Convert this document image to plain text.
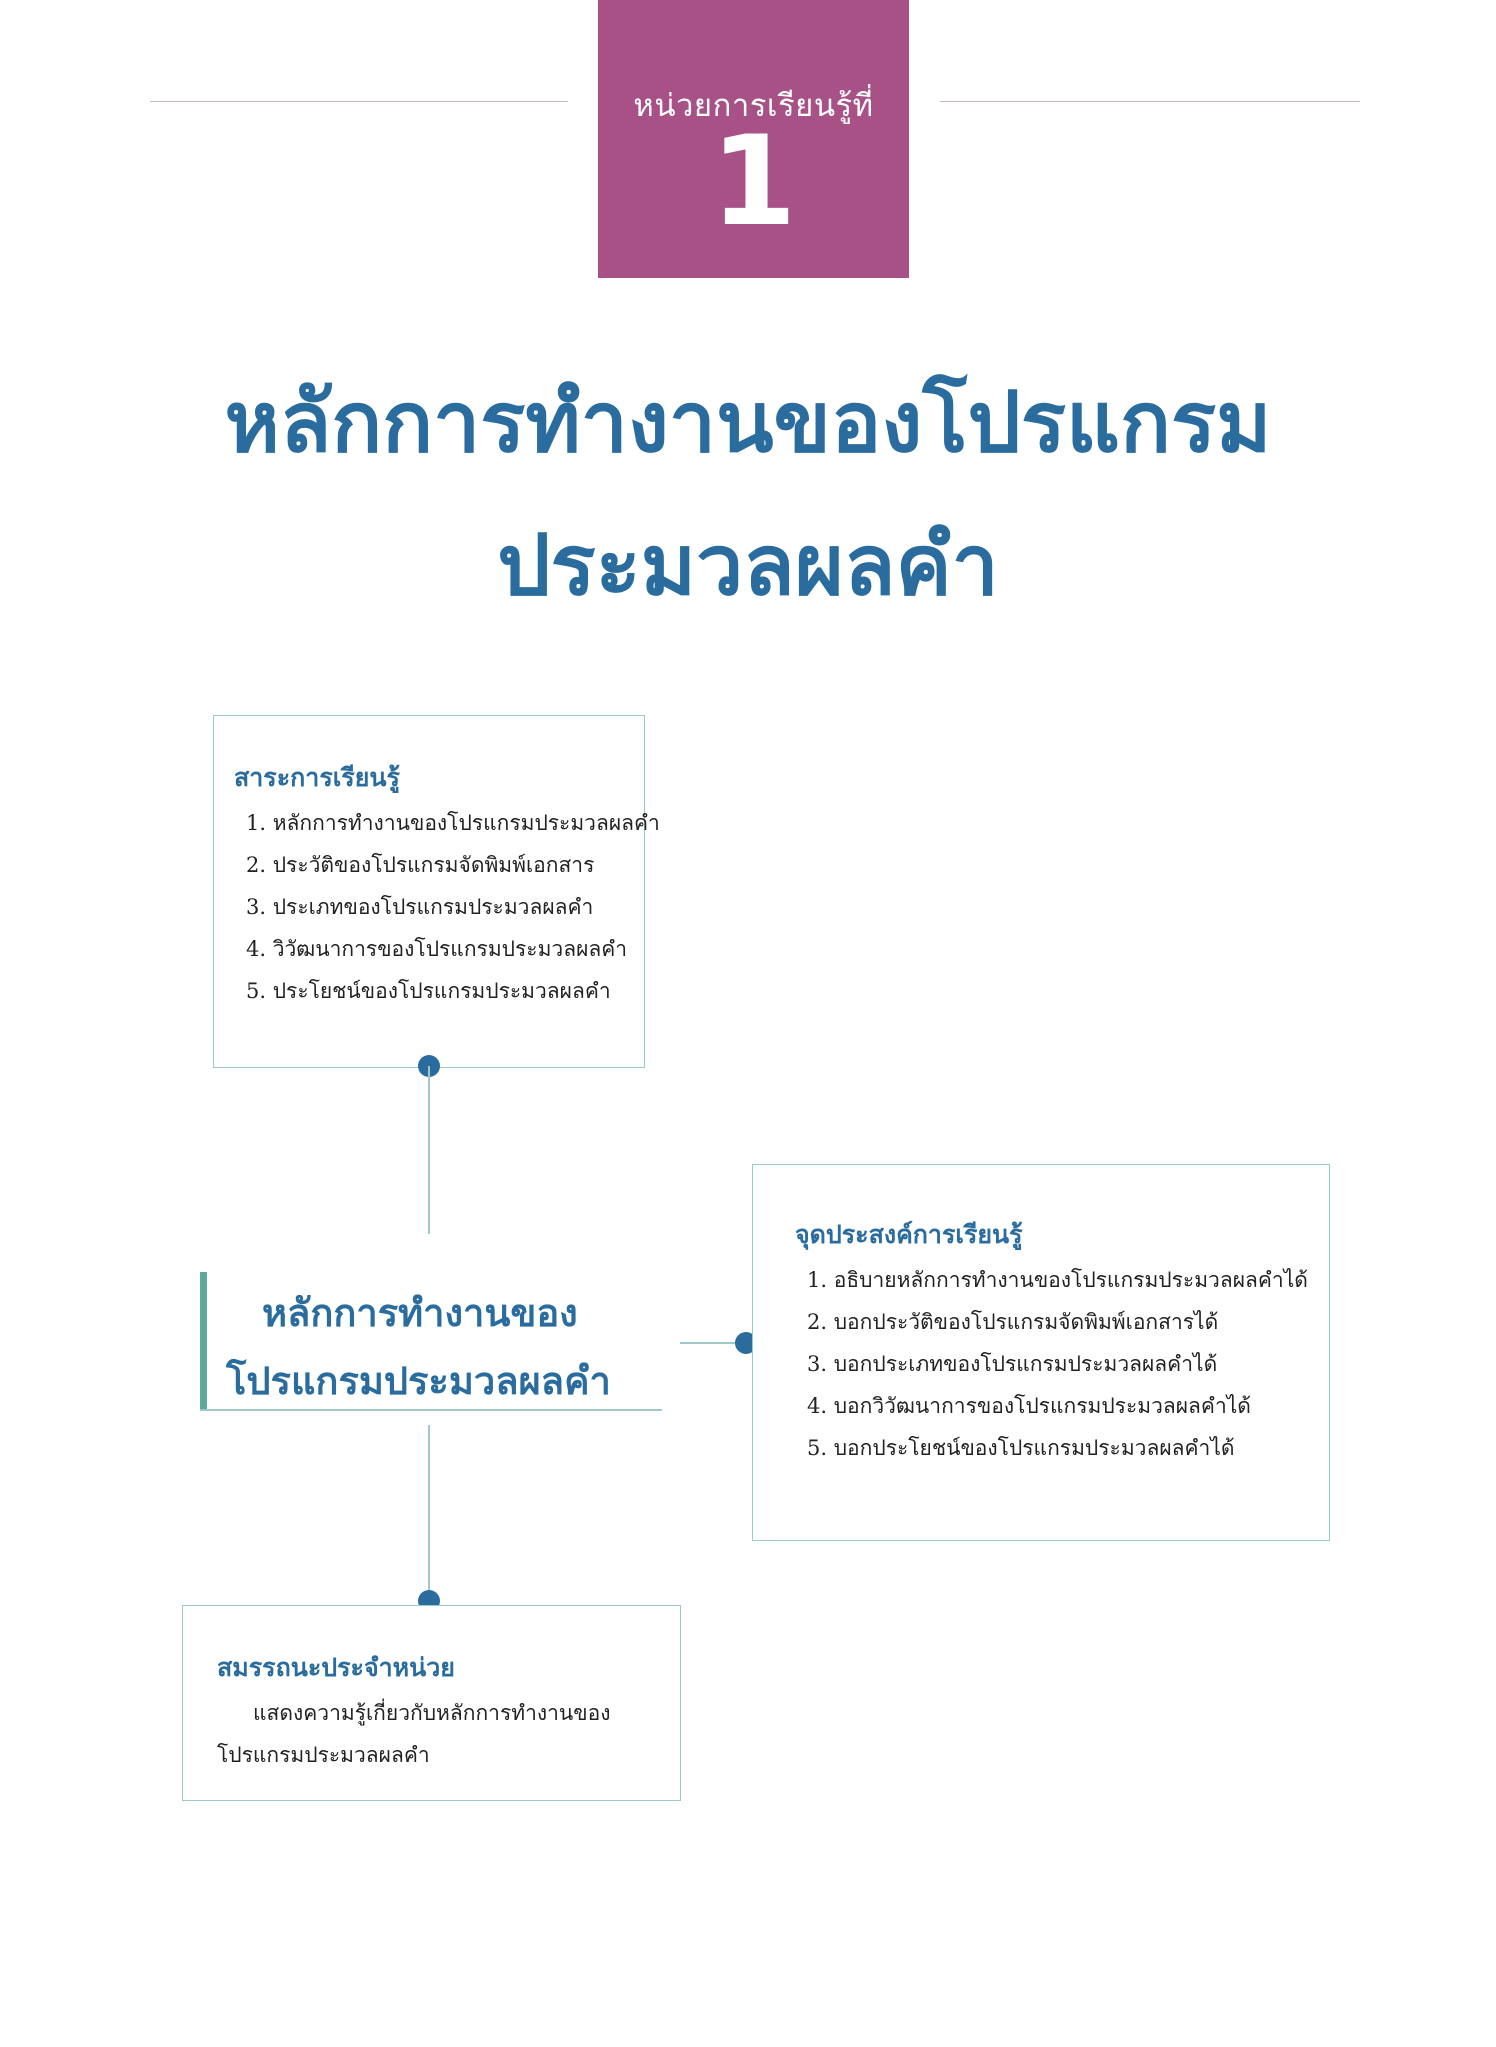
หน่วยการเรียนรู้ที่
1
หลักการทำงานของโปรแกรม
ประมวลผลคำ
สาระการเรียนรู้
1. หลักการทำงานของโปรแกรมประมวลผลคำ
2. ประวัติของโปรแกรมจัดพิมพ์เอกสาร
3. ประเภทของโปรแกรมประมวลผลคำ
4. วิวัฒนาการของโปรแกรมประมวลผลคำ
5. ประโยชน์ของโปรแกรมประมวลผลคำ
หลักการทำงานของ
โปรแกรมประมวลผลคำ
จุดประสงค์การเรียนรู้
1. อธิบายหลักการทำงานของโปรแกรมประมวลผลคำได้
2. บอกประวัติของโปรแกรมจัดพิมพ์เอกสารได้
3. บอกประเภทของโปรแกรมประมวลผลคำได้
4. บอกวิวัฒนาการของโปรแกรมประมวลผลคำได้
5. บอกประโยชน์ของโปรแกรมประมวลผลคำได้
สมรรถนะประจำหน่วย
แสดงความรู้เกี่ยวกับหลักการทำงานของ
โปรแกรมประมวลผลคำ
